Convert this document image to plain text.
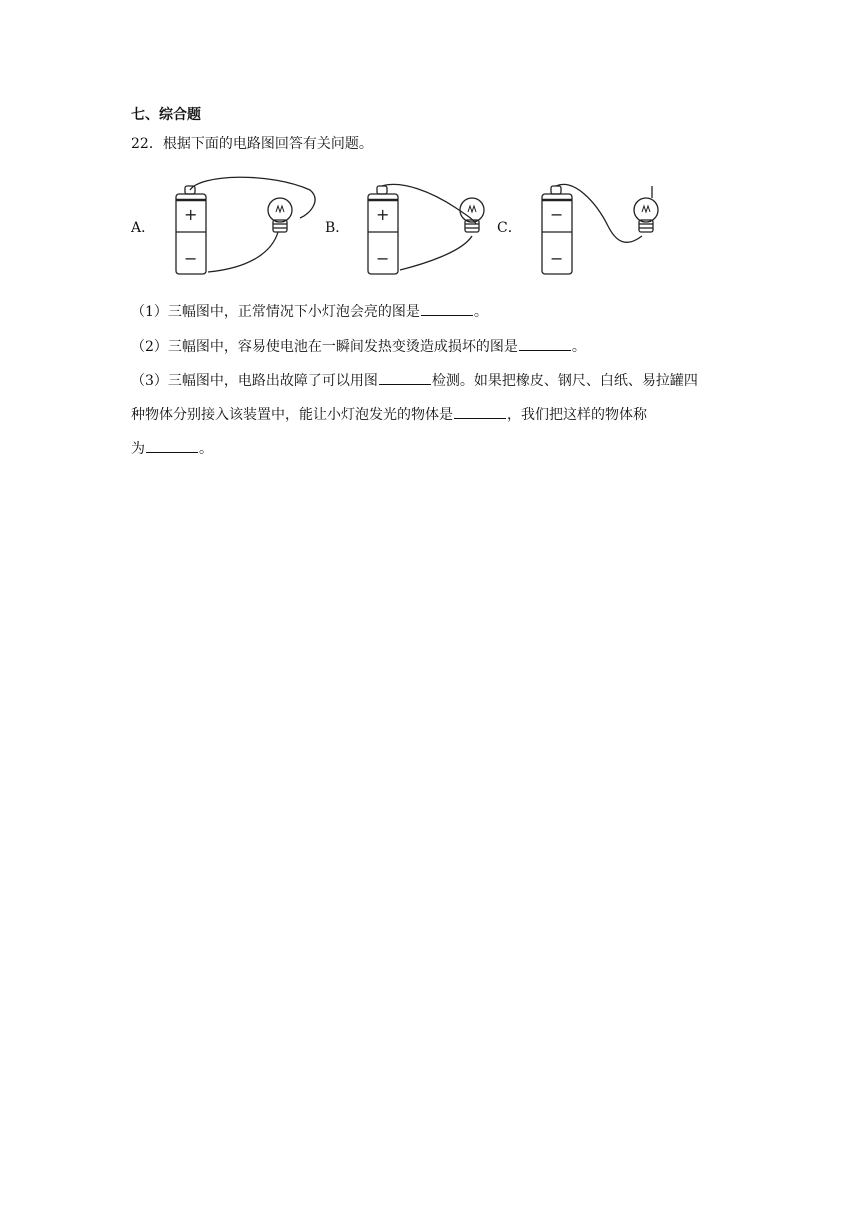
七、综合题
22．根据下面的电路图回答有关问题。
A．
+
−
B．
+
−
C．
−
−
（1）三幅图中，正常情况下小灯泡会亮的图是	。
（2）三幅图中，容易使电池在一瞬间发热变烫造成损坏的图是	。
（3）三幅图中，电路出故障了可以用图	检测。如果把橡皮、钢尺、白纸、易拉罐四
种物体分别接入该装置中，能让小灯泡发光的物体是	，我们把这样的物体称
为	。
